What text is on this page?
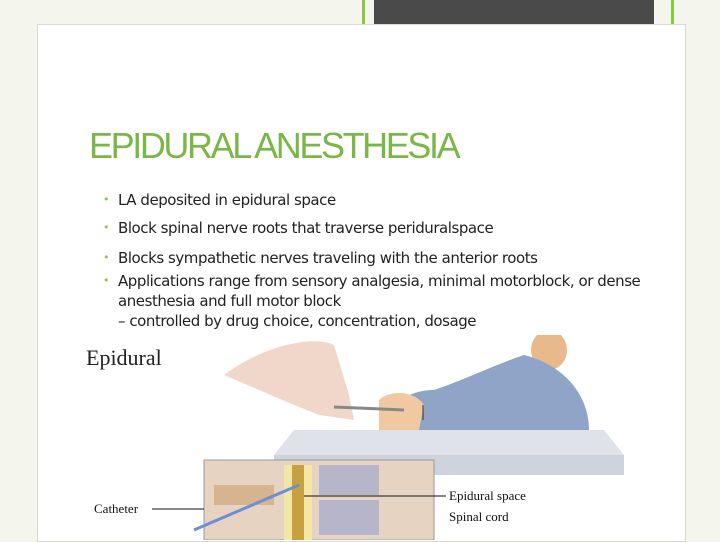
EPIDURAL ANESTHESIA
• LA deposited in epidural space
• Block spinal nerve roots that traverse periduralspace
• Blocks sympathetic nerves traveling with the anterior roots
• Applications range from sensory analgesia, minimal motorblock, or dense anesthesia and full motor block
– controlled by drug choice, concentration, dosage
Epidural
Catheter
Epidural space
Spinal cord
